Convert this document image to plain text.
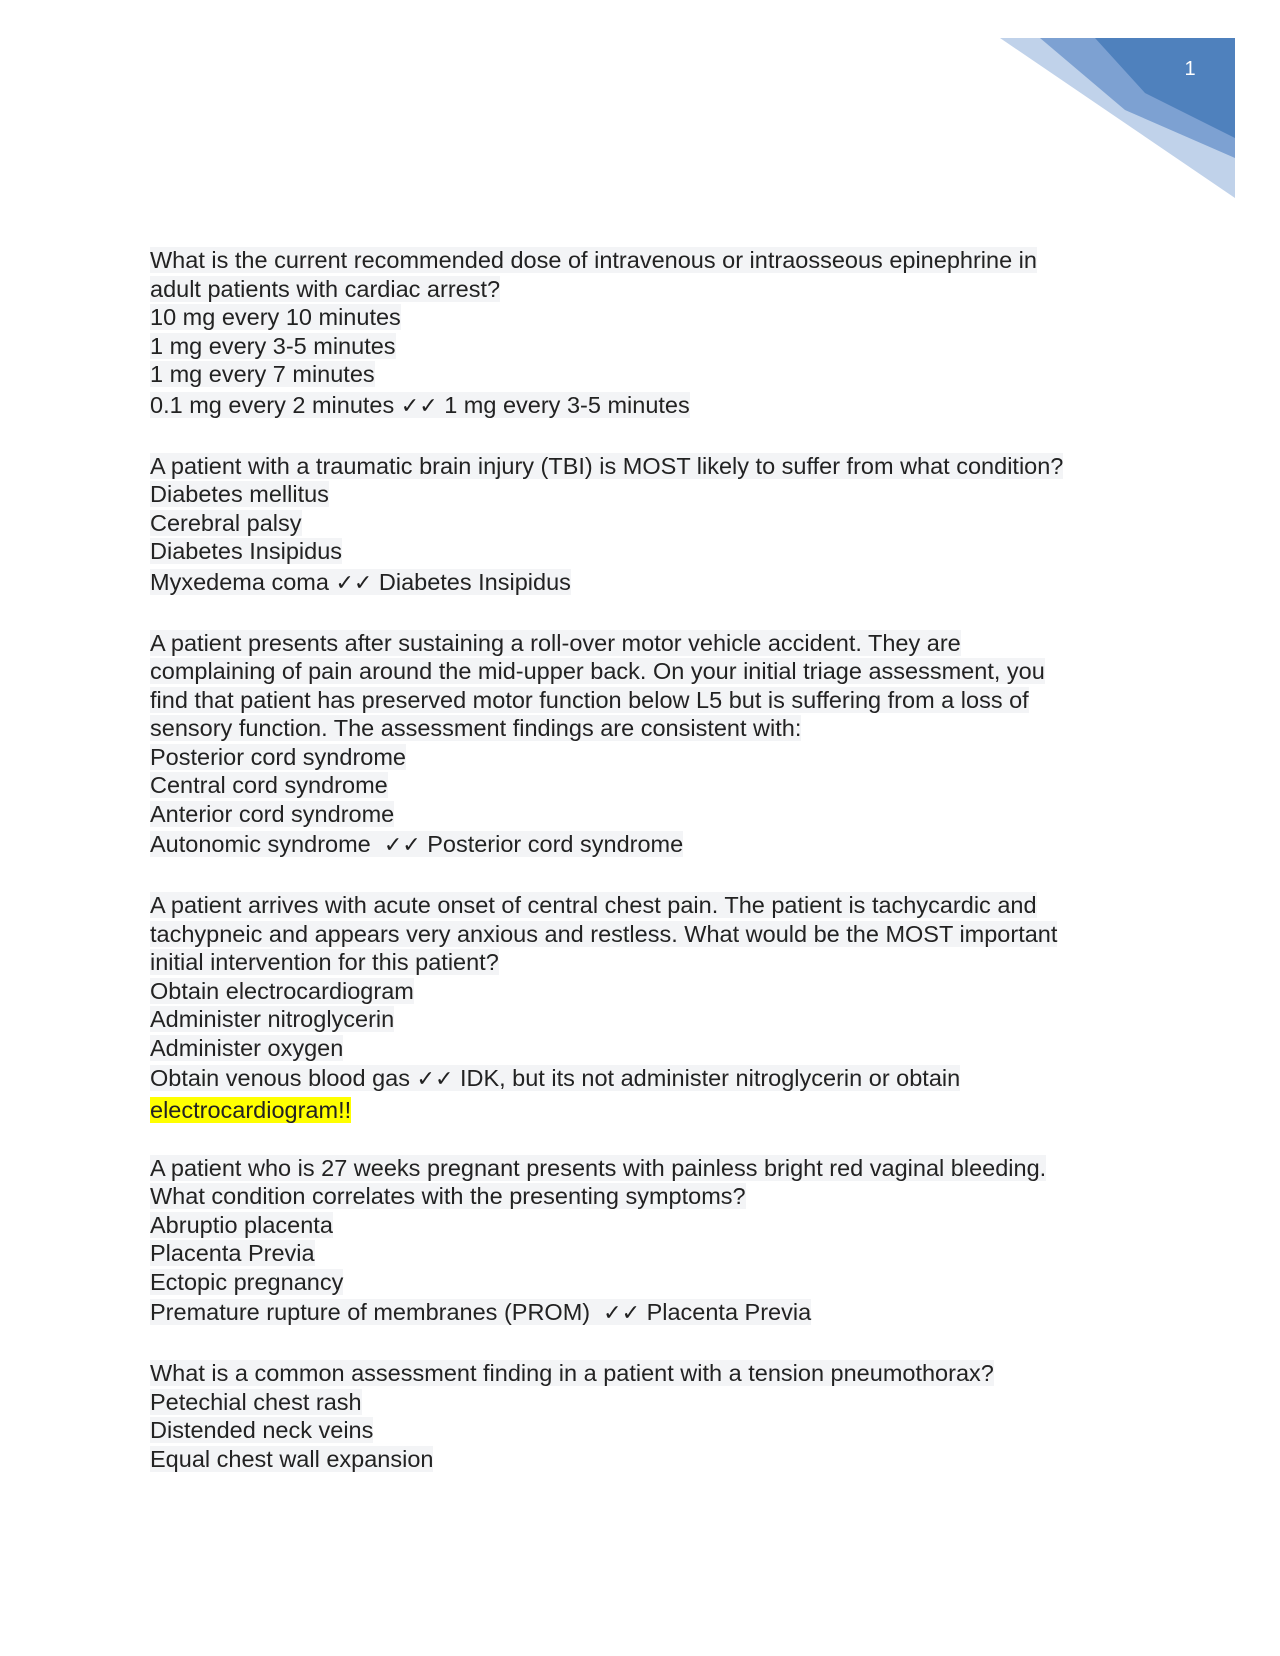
1
What is the current recommended dose of intravenous or intraosseous epinephrine in
adult patients with cardiac arrest?
10 mg every 10 minutes
1 mg every 3-5 minutes
1 mg every 7 minutes
0.1 mg every 2 minutes ✓✓ 1 mg every 3-5 minutes
A patient with a traumatic brain injury (TBI) is MOST likely to suffer from what condition?
Diabetes mellitus
Cerebral palsy
Diabetes Insipidus
Myxedema coma ✓✓ Diabetes Insipidus
A patient presents after sustaining a roll-over motor vehicle accident. They are
complaining of pain around the mid-upper back. On your initial triage assessment, you
find that patient has preserved motor function below L5 but is suffering from a loss of
sensory function. The assessment findings are consistent with:
Posterior cord syndrome
Central cord syndrome
Anterior cord syndrome
Autonomic syndrome ✓✓ Posterior cord syndrome
A patient arrives with acute onset of central chest pain. The patient is tachycardic and
tachypneic and appears very anxious and restless. What would be the MOST important
initial intervention for this patient?
Obtain electrocardiogram
Administer nitroglycerin
Administer oxygen
Obtain venous blood gas ✓✓ IDK, but its not administer nitroglycerin or obtain
electrocardiogram!!
A patient who is 27 weeks pregnant presents with painless bright red vaginal bleeding.
What condition correlates with the presenting symptoms?
Abruptio placenta
Placenta Previa
Ectopic pregnancy
Premature rupture of membranes (PROM) ✓✓ Placenta Previa
What is a common assessment finding in a patient with a tension pneumothorax?
Petechial chest rash
Distended neck veins
Equal chest wall expansion
